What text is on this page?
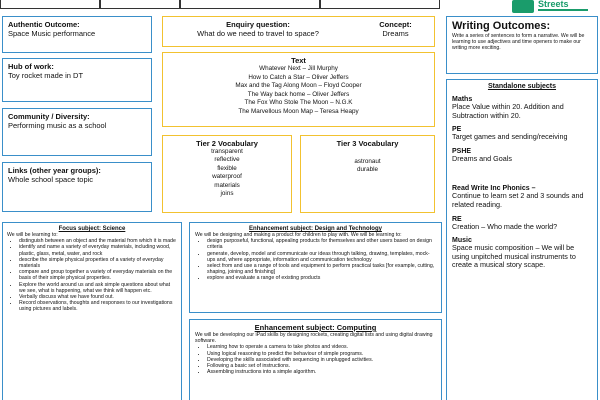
Streets
Authentic Outcome:
Space Music performance
Hub of work:
Toy rocket made in DT
Community / Diversity:
Performing music as a school
Links (other year groups):
Whole school space topic
Enquiry question:
What do we need to travel to space?
Concept:
Dreams
Text
Whatever Next – Jill Murphy
How to Catch a Star – Oliver Jeffers
Max and the Tag Along Moon – Floyd Cooper
The Way back home – Oliver Jeffers
The Fox Who Stole The Moon – N.G.K
The Marvellous Moon Map – Teresa Heapy
Tier 2 Vocabulary
transparent
reflective
flexible
waterproof
materials
joins
Tier 3 Vocabulary
astronaut
durable
Focus subject: Science
We will be learning to:
• distinguish between an object and the material from which it is made
• identify and name a variety of everyday materials, including wood, plastic, glass, metal, water, and rock
• describe the simple physical properties of a variety of everyday materials
• compare and group together a variety of everyday materials on the basis of their simple physical properties.
• Explore the world around us and ask simple questions about what we see, what is happening, what we think will happen etc.
• Verbally discuss what we have found out.
• Record observations, thoughts and responses to our investigations using pictures and labels.
Enhancement subject: Design and Technology
We will be designing and making a product for children to play with. We will be learning to:
• design purposeful, functional, appealing products for themselves and other users based on design criteria
• generate, develop, model and communicate our ideas through talking, drawing, templates, mock-ups and, where appropriate, information and communication technology
• select from and use a range of tools and equipment to perform practical tasks [for example, cutting, shaping, joining and finishing]
• explore and evaluate a range of existing products
Enhancement subject: Computing
We will be developing our iPad skills by designing rockets, creating digital lists and using digital drawing software.
• Learning how to operate a camera to take photos and videos.
• Using logical reasoning to predict the behaviour of simple programs.
• Developing the skills associated with sequencing in unplugged activities.
• Following a basic set of instructions.
• Assembling instructions into a simple algorithm.
Writing Outcomes:
Write a series of sentences to form a narrative. We will be learning to use adjectives and time openers to make our writing more exciting.
Standalone subjects
Maths
Place Value within 20. Addition and Subtraction within 20.
PE
Target games and sending/receiving
PSHE
Dreams and Goals
Read Write Inc Phonics –
Continue to learn set 2 and 3 sounds and related reading.
RE
Creation – Who made the world?
Music
Space music composition – We will be using unpitched musical instruments to create a musical story scape.
